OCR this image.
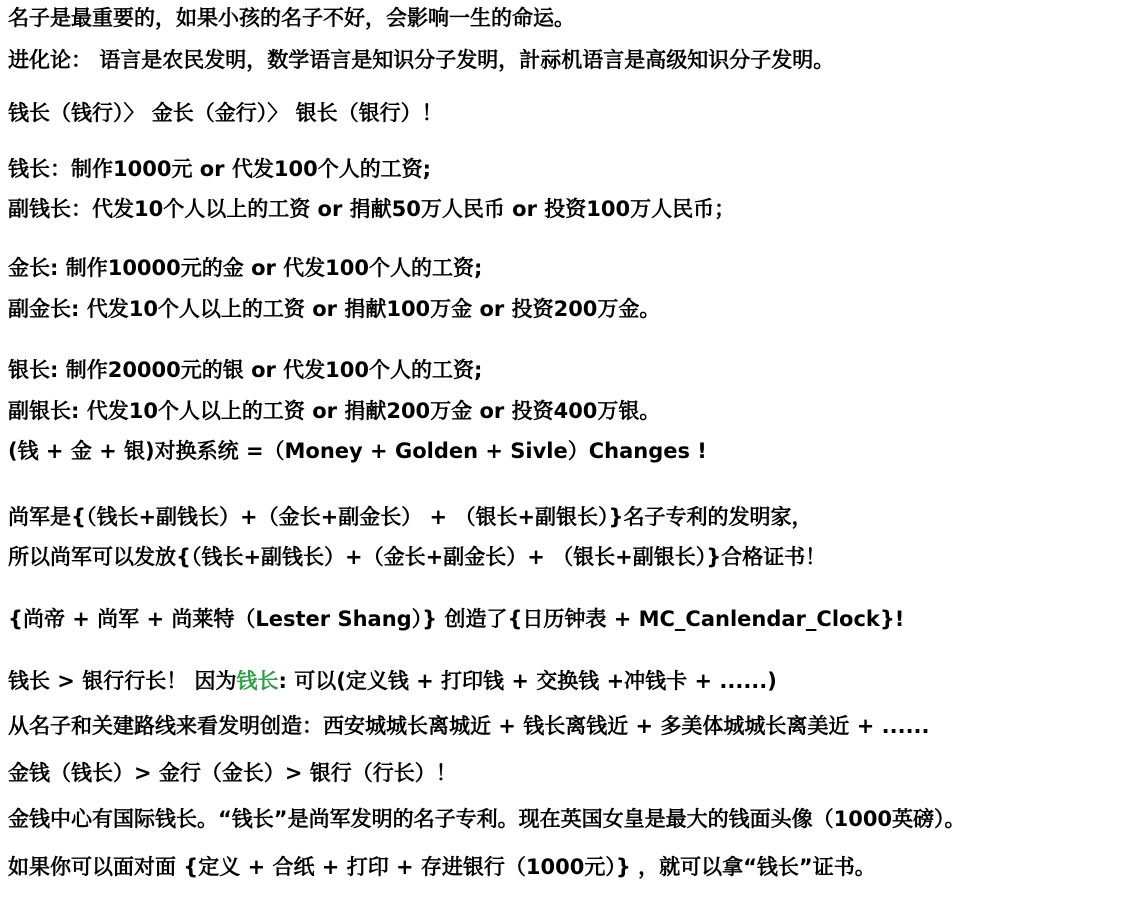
名子是最重要的，如果小孩的名子不好，会影响一生的命运。
进化论： 语言是农民发明，数学语言是知识分子发明，計祘机语言是高级知识分子发明。
钱长（钱行）〉 金长（金行）〉 银长（银行）！
钱长：制作1000元 or 代发100个人的工资;
副钱长：代发10个人以上的工资 or 捐献50万人民币 or 投资100万人民币；
金长: 制作10000元的金 or 代发100个人的工资;
副金长: 代发10个人以上的工资 or 捐献100万金 or 投资200万金。
银长: 制作20000元的银 or 代发100个人的工资;
副银长: 代发10个人以上的工资 or 捐献200万金 or 投资400万银。
(钱 + 金 + 银)对换系统 =（Money + Golden + Sivle）Changes !
尚军是{（钱长+副钱长）+（金长+副金长） + （银长+副银长）}名子专利的发明家，
所以尚军可以发放{（钱长+副钱长）+（金长+副金长）+ （银长+副银长）}合格证书！
{尚帝 + 尚军 + 尚莱特（Lester Shang）} 创造了{日历钟表 + MC_Canlendar_Clock}!
钱长 > 银行行长！ 因为钱长: 可以(定义钱 + 打印钱 + 交换钱 +冲钱卡 + ......)
从名子和关建路线来看发明创造：西安城城长离城近 + 钱长离钱近 + 多美体城城长离美近 + ......
金钱（钱长）> 金行（金长）> 银行（行长）！
金钱中心有国际钱长。“钱长”是尚军发明的名子专利。现在英国女皇是最大的钱面头像（1000英磅）。
如果你可以面对面 {定义 + 合纸 + 打印 + 存进银行（1000元）} ，就可以拿“钱长”证书。
